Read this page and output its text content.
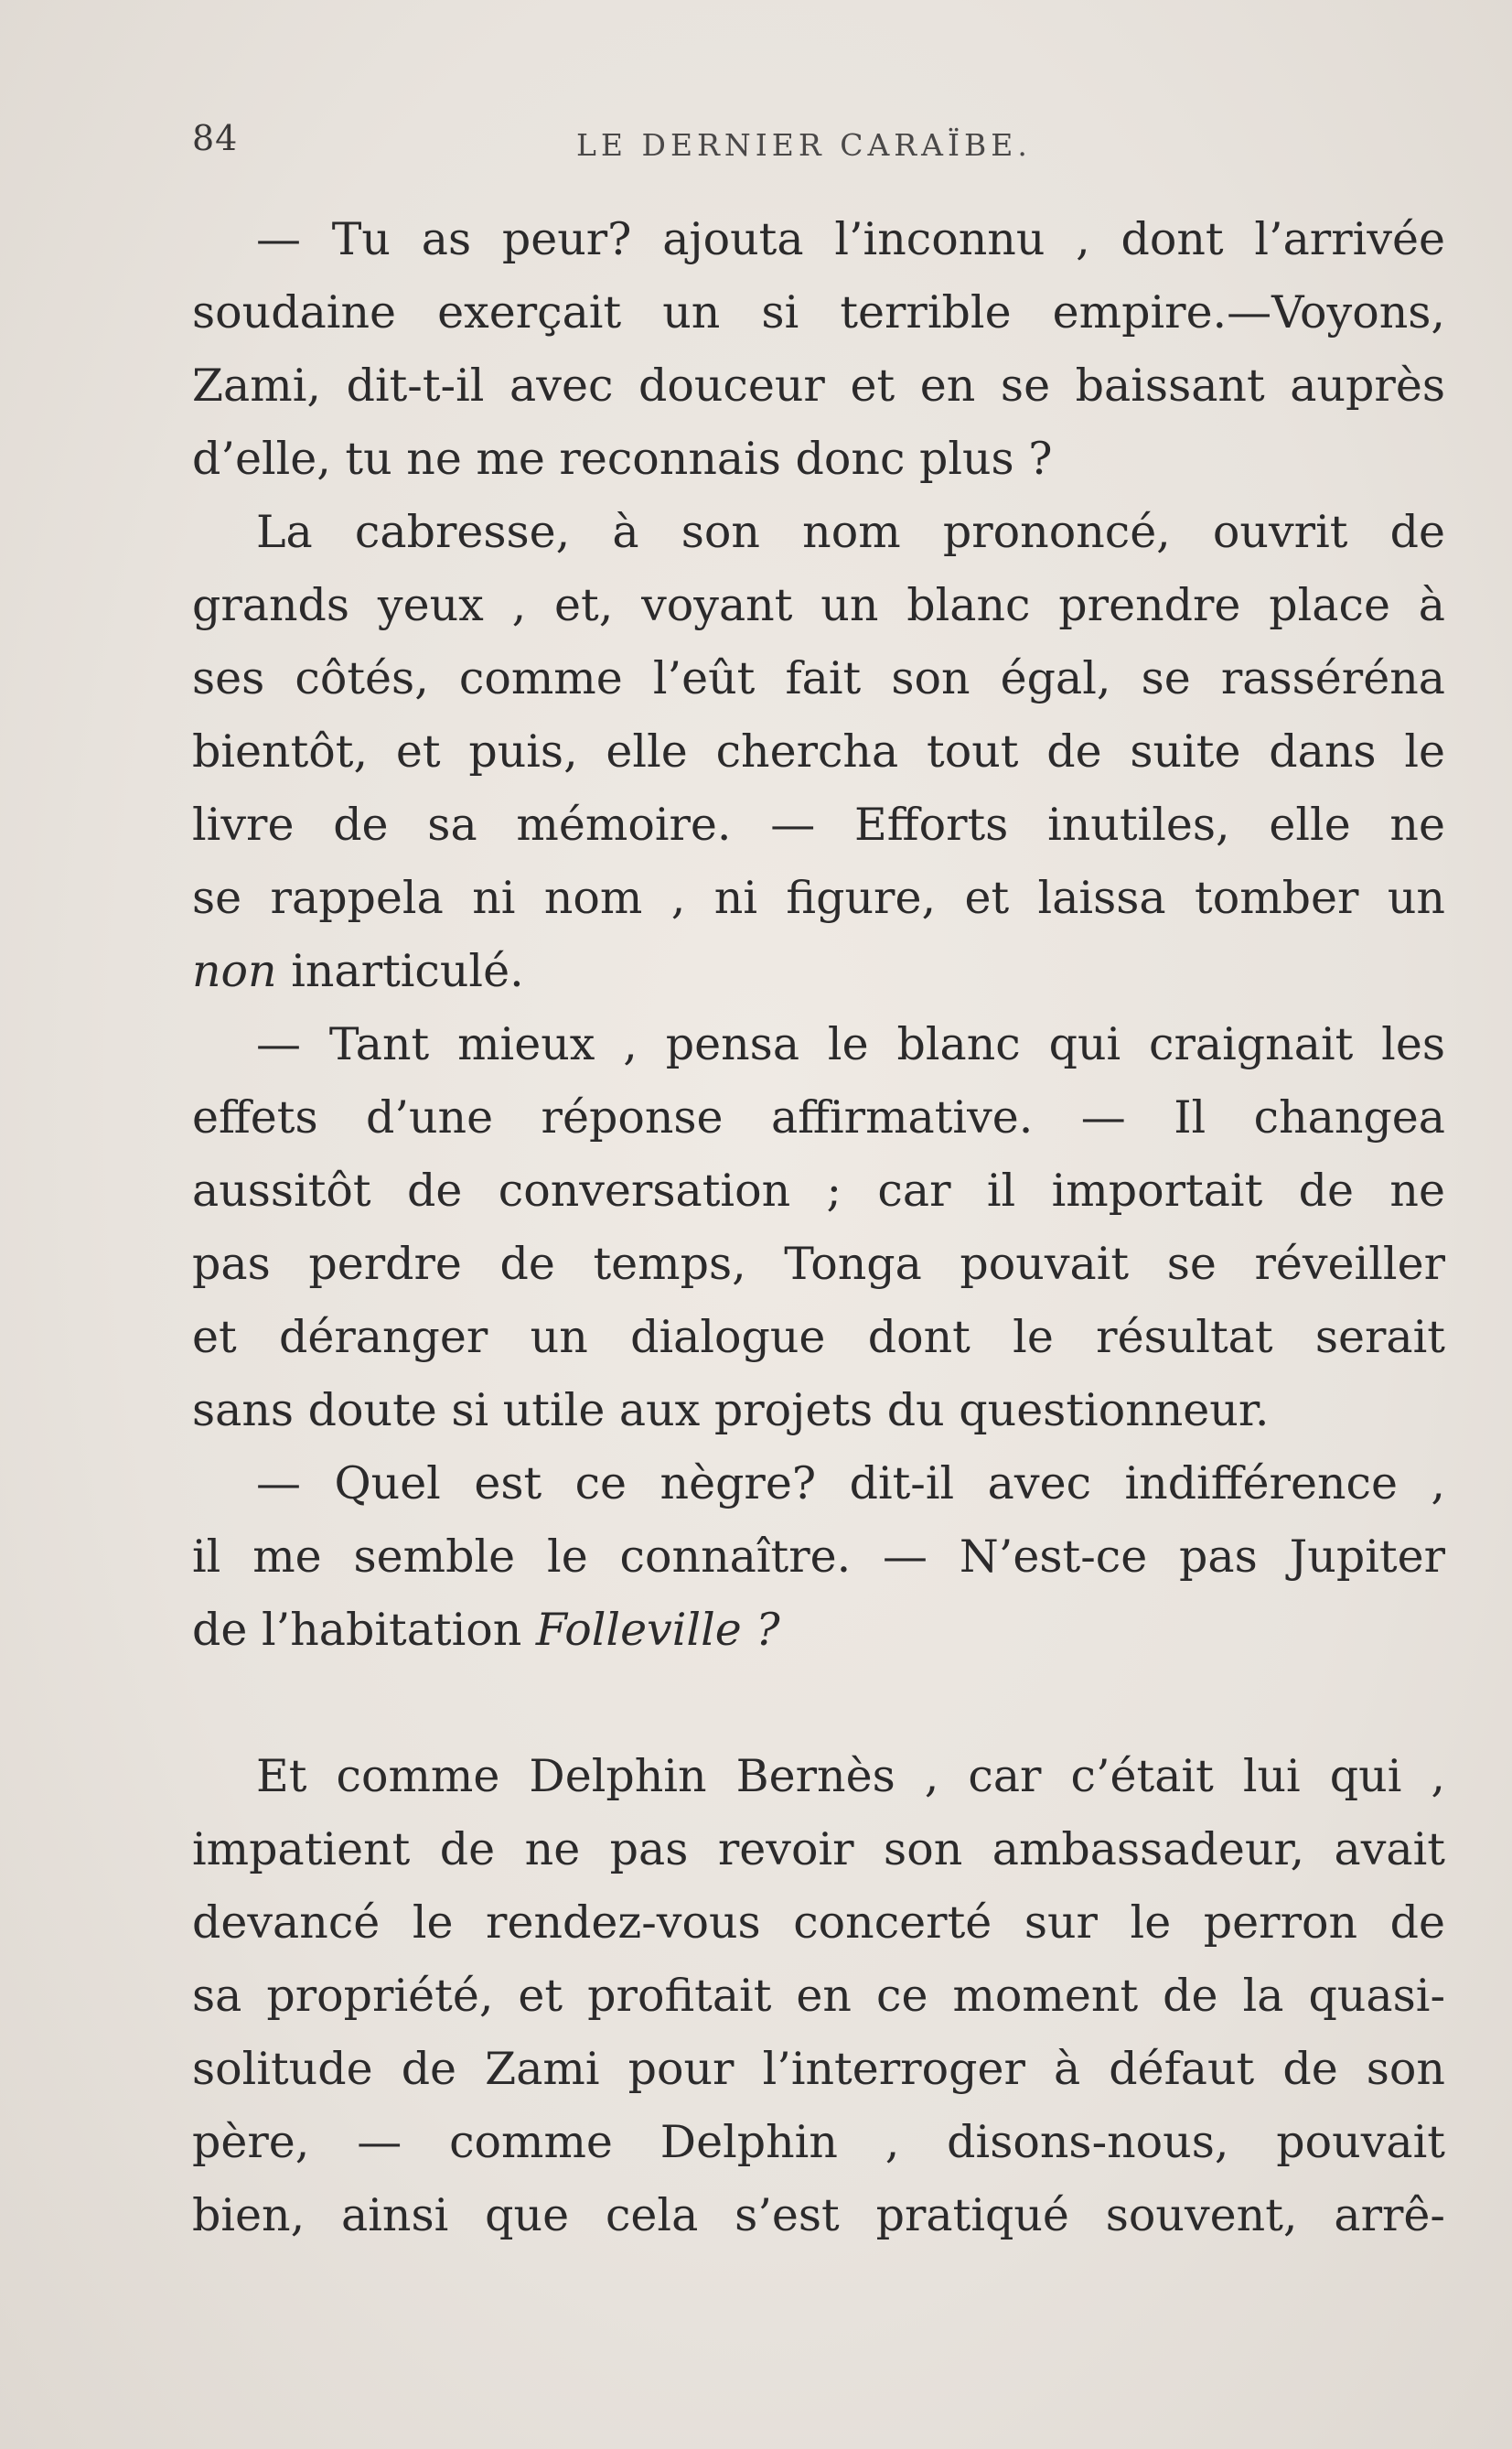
84	LE DERNIER CARAÏBE.
— Tu as peur? ajouta l’inconnu , dont l’arrivée
soudaine exerçait un si terrible empire.—Voyons,
Zami, dit-t-il avec douceur et en se baissant auprès
d’elle, tu ne me reconnais donc plus ?
La cabresse, à son nom prononcé, ouvrit de
grands yeux , et, voyant un blanc prendre place à
ses côtés, comme l’eût fait son égal, se rasséréna
bientôt, et puis, elle chercha tout de suite dans le
livre de sa mémoire. — Efforts inutiles, elle ne
se rappela ni nom , ni figure, et laissa tomber un
non inarticulé.
— Tant mieux , pensa le blanc qui craignait les
effets d’une réponse affirmative. — Il changea
aussitôt de conversation ; car il importait de ne
pas perdre de temps, Tonga pouvait se réveiller
et déranger un dialogue dont le résultat serait
sans doute si utile aux projets du questionneur.
— Quel est ce nègre? dit-il avec indifférence ,
il me semble le connaître. — N’est-ce pas Jupiter
de l’habitation Folleville ?
Et comme Delphin Bernès , car c’était lui qui ,
impatient de ne pas revoir son ambassadeur, avait
devancé le rendez-vous concerté sur le perron de
sa propriété, et profitait en ce moment de la quasi-
solitude de Zami pour l’interroger à défaut de son
père, — comme Delphin , disons-nous, pouvait
bien, ainsi que cela s’est pratiqué souvent, arrê-
